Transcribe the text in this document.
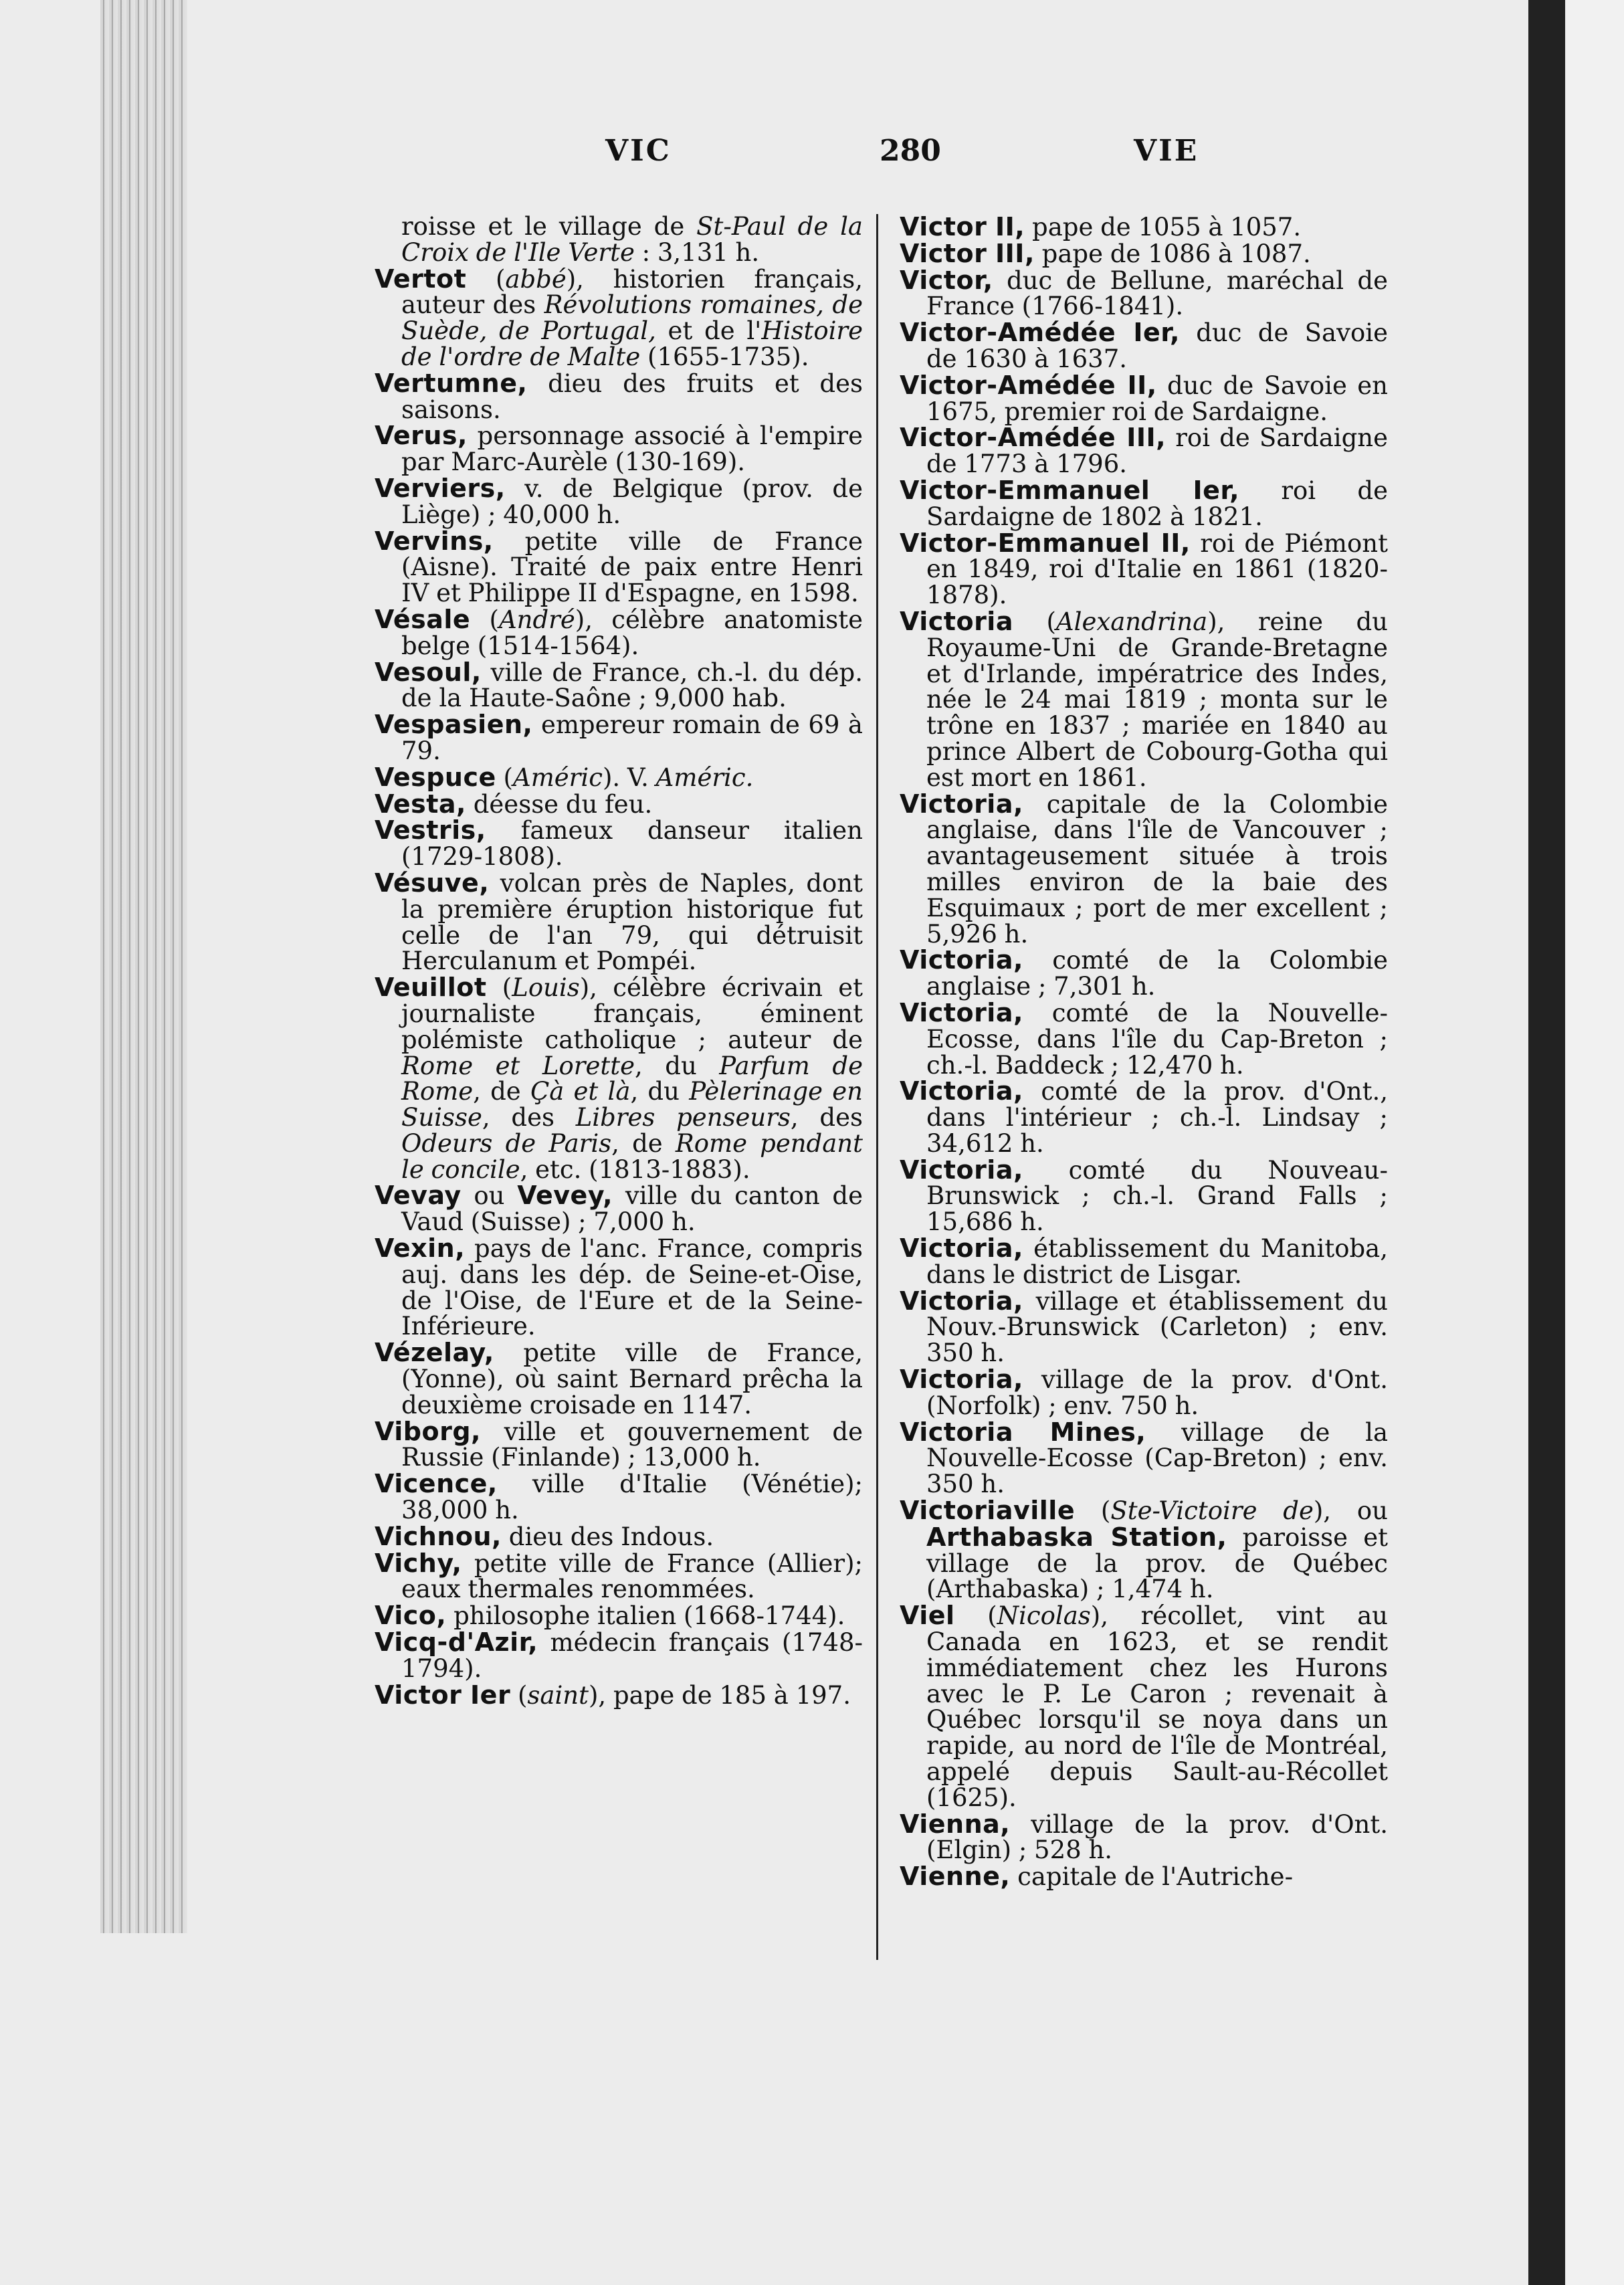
VIC	280	VIE

roisse et le village de St-Paul de la Croix de l'Ile Verte : 3,131 h.

Vertot (abbé), historien français, auteur des Révolutions romaines, de Suède, de Portugal, et de l'Histoire de l'ordre de Malte (1655-1735).

Vertumne, dieu des fruits et des saisons.

Verus, personnage associé à l'empire par Marc-Aurèle (130-169).

Verviers, v. de Belgique (prov. de Liège) ; 40,000 h.

Vervins, petite ville de France (Aisne). Traité de paix entre Henri IV et Philippe II d'Espagne, en 1598.

Vésale (André), célèbre anatomiste belge (1514-1564).

Vesoul, ville de France, ch.-l. du dép. de la Haute-Saône ; 9,000 hab.

Vespasien, empereur romain de 69 à 79.

Vespuce (Améric). V. Améric.

Vesta, déesse du feu.

Vestris, fameux danseur italien (1729-1808).

Vésuve, volcan près de Naples, dont la première éruption historique fut celle de l'an 79, qui détruisit Herculanum et Pompéi.

Veuillot (Louis), célèbre écrivain et journaliste français, éminent polémiste catholique ; auteur de Rome et Lorette, du Parfum de Rome, de Çà et là, du Pèlerinage en Suisse, des Libres penseurs, des Odeurs de Paris, de Rome pendant le concile, etc. (1813-1883).

Vevay ou Vevey, ville du canton de Vaud (Suisse) ; 7,000 h.

Vexin, pays de l'anc. France, compris auj. dans les dép. de Seine-et-Oise, de l'Oise, de l'Eure et de la Seine-Inférieure.

Vézelay, petite ville de France, (Yonne), où saint Bernard prêcha la deuxième croisade en 1147.

Viborg, ville et gouvernement de Russie (Finlande) ; 13,000 h.

Vicence, ville d'Italie (Vénétie); 38,000 h.

Vichnou, dieu des Indous.

Vichy, petite ville de France (Allier); eaux thermales renommées.

Vico, philosophe italien (1668-1744).

Vicq-d'Azir, médecin français (1748-1794).

Victor Ier (saint), pape de 185 à 197.

Victor II, pape de 1055 à 1057.

Victor III, pape de 1086 à 1087.

Victor, duc de Bellune, maréchal de France (1766-1841).

Victor-Amédée Ier, duc de Savoie de 1630 à 1637.

Victor-Amédée II, duc de Savoie en 1675, premier roi de Sardaigne.

Victor-Amédée III, roi de Sardaigne de 1773 à 1796.

Victor-Emmanuel Ier, roi de Sardaigne de 1802 à 1821.

Victor-Emmanuel II, roi de Piémont en 1849, roi d'Italie en 1861 (1820-1878).

Victoria (Alexandrina), reine du Royaume-Uni de Grande-Bretagne et d'Irlande, impératrice des Indes, née le 24 mai 1819 ; monta sur le trône en 1837 ; mariée en 1840 au prince Albert de Cobourg-Gotha qui est mort en 1861.

Victoria, capitale de la Colombie anglaise, dans l'île de Vancouver ; avantageusement située à trois milles environ de la baie des Esquimaux ; port de mer excellent ; 5,926 h.

Victoria, comté de la Colombie anglaise ; 7,301 h.

Victoria, comté de la Nouvelle-Ecosse, dans l'île du Cap-Breton ; ch.-l. Baddeck ; 12,470 h.

Victoria, comté de la prov. d'Ont., dans l'intérieur ; ch.-l. Lindsay ; 34,612 h.

Victoria, comté du Nouveau-Brunswick ; ch.-l. Grand Falls ; 15,686 h.

Victoria, établissement du Manitoba, dans le district de Lisgar.

Victoria, village et établissement du Nouv.-Brunswick (Carleton) ; env. 350 h.

Victoria, village de la prov. d'Ont. (Norfolk) ; env. 750 h.

Victoria Mines, village de la Nouvelle-Ecosse (Cap-Breton) ; env. 350 h.

Victoriaville (Ste-Victoire de), ou Arthabaska Station, paroisse et village de la prov. de Québec (Arthabaska) ; 1,474 h.

Viel (Nicolas), récollet, vint au Canada en 1623, et se rendit immédiatement chez les Hurons avec le P. Le Caron ; revenait à Québec lorsqu'il se noya dans un rapide, au nord de l'île de Montréal, appelé depuis Sault-au-Récollet (1625).

Vienna, village de la prov. d'Ont. (Elgin) ; 528 h.

Vienne, capitale de l'Autriche-
